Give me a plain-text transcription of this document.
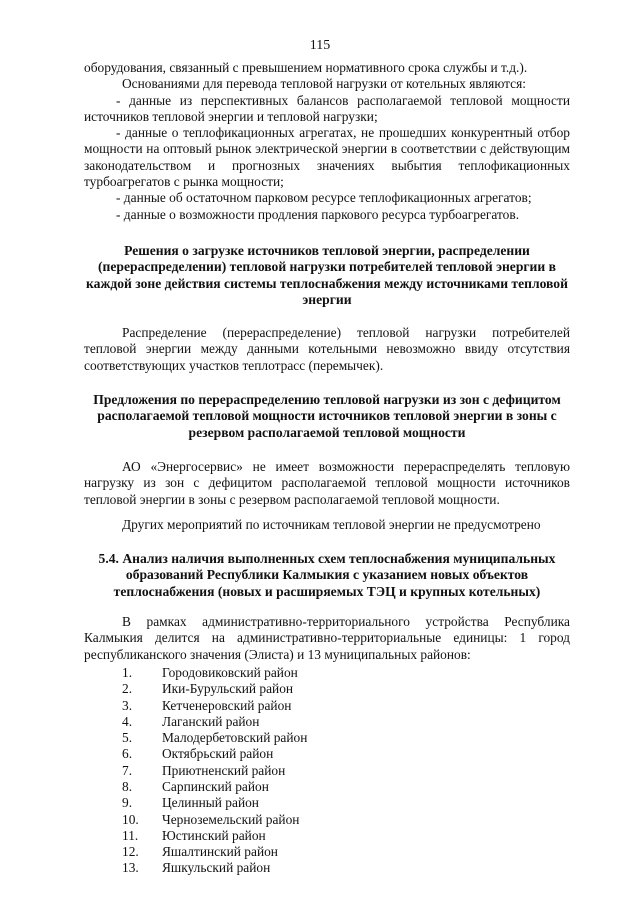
115

оборудования, связанный с превышением нормативного срока службы и т.д.).

Основаниями для перевода тепловой нагрузки от котельных являются:

- данные из перспективных балансов располагаемой тепловой мощности источников тепловой энергии и тепловой нагрузки;

- данные о теплофикационных агрегатах, не прошедших конкурентный отбор мощности на оптовый рынок электрической энергии в соответствии с действующим законодательством и прогнозных значениях выбытия теплофикационных турбоагрегатов с рынка мощности;

- данные об остаточном парковом ресурсе теплофикационных агрегатов;

- данные о возможности продления паркового ресурса турбоагрегатов.

Решения о загрузке источников тепловой энергии, распределении (перераспределении) тепловой нагрузки потребителей тепловой энергии в каждой зоне действия системы теплоснабжения между источниками тепловой энергии

Распределение (перераспределение) тепловой нагрузки потребителей тепловой энергии между данными котельными невозможно ввиду отсутствия соответствующих участков теплотрасс (перемычек).

Предложения по перераспределению тепловой нагрузки из зон с дефицитом располагаемой тепловой мощности источников тепловой энергии в зоны с резервом располагаемой тепловой мощности

АО «Энергосервис» не имеет возможности перераспределять тепловую нагрузку из зон с дефицитом располагаемой тепловой мощности источников тепловой энергии в зоны с резервом располагаемой тепловой мощности.

Других мероприятий по источникам тепловой энергии не предусмотрено

5.4. Анализ наличия выполненных схем теплоснабжения муниципальных образований Республики Калмыкия с указанием новых объектов теплоснабжения (новых и расширяемых ТЭЦ и крупных котельных)

В рамках административно-территориального устройства Республика Калмыкия делится на административно-территориальные единицы: 1 город республиканского значения (Элиста) и 13 муниципальных районов:

1.	Городовиковский район
2.	Ики-Бурульский район
3.	Кетченеровский район
4.	Лаганский район
5.	Малодербетовский район
6.	Октябрьский район
7.	Приютненский район
8.	Сарпинский район
9.	Целинный район
10.	Черноземельский район
11.	Юстинский район
12.	Яшалтинский район
13.	Яшкульский район
